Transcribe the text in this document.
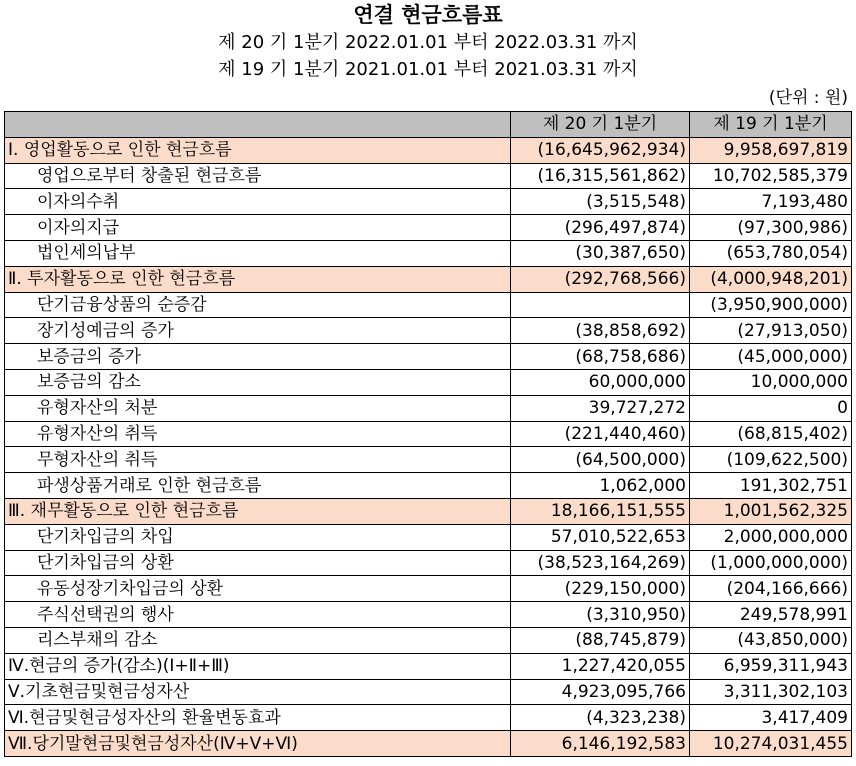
연결 현금흐름표
제 20 기 1분기 2022.01.01 부터 2022.03.31 까지
제 19 기 1분기 2021.01.01 부터 2021.03.31 까지
(단위 : 원)
	제 20 기 1분기	제 19 기 1분기
Ⅰ. 영업활동으로 인한 현금흐름	(16,645,962,934)	9,958,697,819
영업으로부터 창출된 현금흐름	(16,315,561,862)	10,702,585,379
이자의수취	(3,515,548)	7,193,480
이자의지급	(296,497,874)	(97,300,986)
법인세의납부	(30,387,650)	(653,780,054)
Ⅱ. 투자활동으로 인한 현금흐름	(292,768,566)	(4,000,948,201)
단기금융상품의 순증감		(3,950,900,000)
장기성예금의 증가	(38,858,692)	(27,913,050)
보증금의 증가	(68,758,686)	(45,000,000)
보증금의 감소	60,000,000	10,000,000
유형자산의 처분	39,727,272	0
유형자산의 취득	(221,440,460)	(68,815,402)
무형자산의 취득	(64,500,000)	(109,622,500)
파생상품거래로 인한 현금흐름	1,062,000	191,302,751
Ⅲ. 재무활동으로 인한 현금흐름	18,166,151,555	1,001,562,325
단기차입금의 차입	57,010,522,653	2,000,000,000
단기차입금의 상환	(38,523,164,269)	(1,000,000,000)
유동성장기차입금의 상환	(229,150,000)	(204,166,666)
주식선택권의 행사	(3,310,950)	249,578,991
리스부채의 감소	(88,745,879)	(43,850,000)
Ⅳ.현금의 증가(감소)(Ⅰ+Ⅱ+Ⅲ)	1,227,420,055	6,959,311,943
Ⅴ.기초현금및현금성자산	4,923,095,766	3,311,302,103
Ⅵ.현금및현금성자산의 환율변동효과	(4,323,238)	3,417,409
Ⅶ.당기말현금및현금성자산(Ⅳ+Ⅴ+Ⅵ)	6,146,192,583	10,274,031,455
